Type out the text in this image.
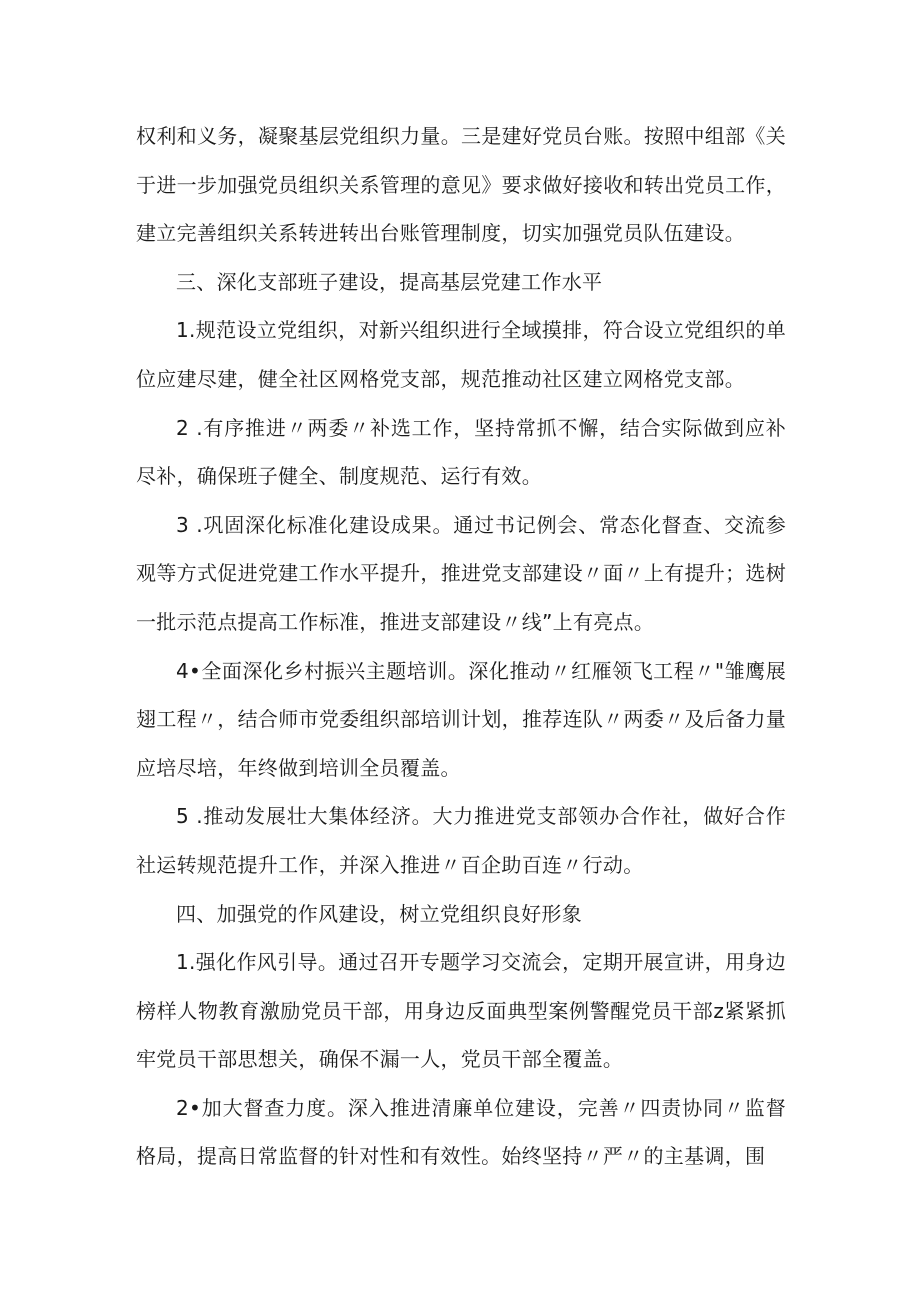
权利和义务，凝聚基层党组织力量。三是建好党员台账。按照中组部《关于进一步加强党员组织关系管理的意见》要求做好接收和转出党员工作，建立完善组织关系转进转出台账管理制度，切实加强党员队伍建设。

三、深化支部班子建设，提高基层党建工作水平

1.规范设立党组织，对新兴组织进行全域摸排，符合设立党组织的单位应建尽建，健全社区网格党支部，规范推动社区建立网格党支部。

2 .有序推进〃两委〃补选工作，坚持常抓不懈，结合实际做到应补尽补，确保班子健全、制度规范、运行有效。

3 .巩固深化标准化建设成果。通过书记例会、常态化督查、交流参观等方式促进党建工作水平提升，推进党支部建设〃面〃上有提升；选树一批示范点提高工作标准，推进支部建设〃线”上有亮点。

4•全面深化乡村振兴主题培训。深化推动〃红雁领飞工程〃"雏鹰展翅工程〃，结合师市党委组织部培训计划，推荐连队〃两委〃及后备力量应培尽培，年终做到培训全员覆盖。

5 .推动发展壮大集体经济。大力推进党支部领办合作社，做好合作社运转规范提升工作，并深入推进〃百企助百连〃行动。

四、加强党的作风建设，树立党组织良好形象

1.强化作风引导。通过召开专题学习交流会，定期开展宣讲，用身边榜样人物教育激励党员干部，用身边反面典型案例警醒党员干部z紧紧抓牢党员干部思想关，确保不漏一人，党员干部全覆盖。

2•加大督查力度。深入推进清廉单位建设，完善〃四责协同〃监督格局，提高日常监督的针对性和有效性。始终坚持〃严〃的主基调，围
